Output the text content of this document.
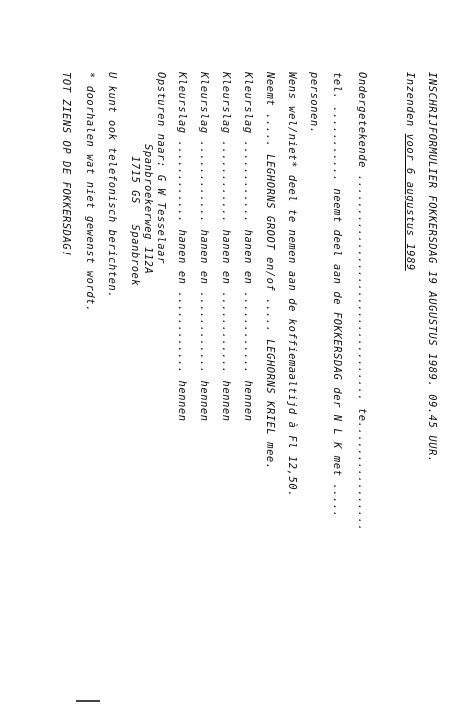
INSCHRIJFORMULIER FOKKERSDAG 19 AUGUSTUS 1989. 09.45 UUR.

Inzenden voor 6 augustus 1989

Ondergetekende ................................. te................

tel. ........... neemt deel aan de FOKKERSDAG der N L K met .....

personen.

Wens wel/niet* deel te nemen aan de koffiemaaltijd à Fl 12,50.

Neemt ..... LEGHORNS GROOT en/of ..... LEGHORNS KRIEL mee.

Kleurslag ............ hanen en ............ hennen

Kleurslag ............ hanen en ............ hennen

Kleurslag ............ hanen en ............ hennen

Kleurslag ............ hanen en ............ hennen

Opsturen naar: G W Tesselaar

Spanbroekerweg 112A

1715 GS   Spanbroek

U kunt ook telefonisch berichten.

* doorhalen wat niet gewenst wordt.

TOT ZIENS OP DE FOKKERSDAG!
